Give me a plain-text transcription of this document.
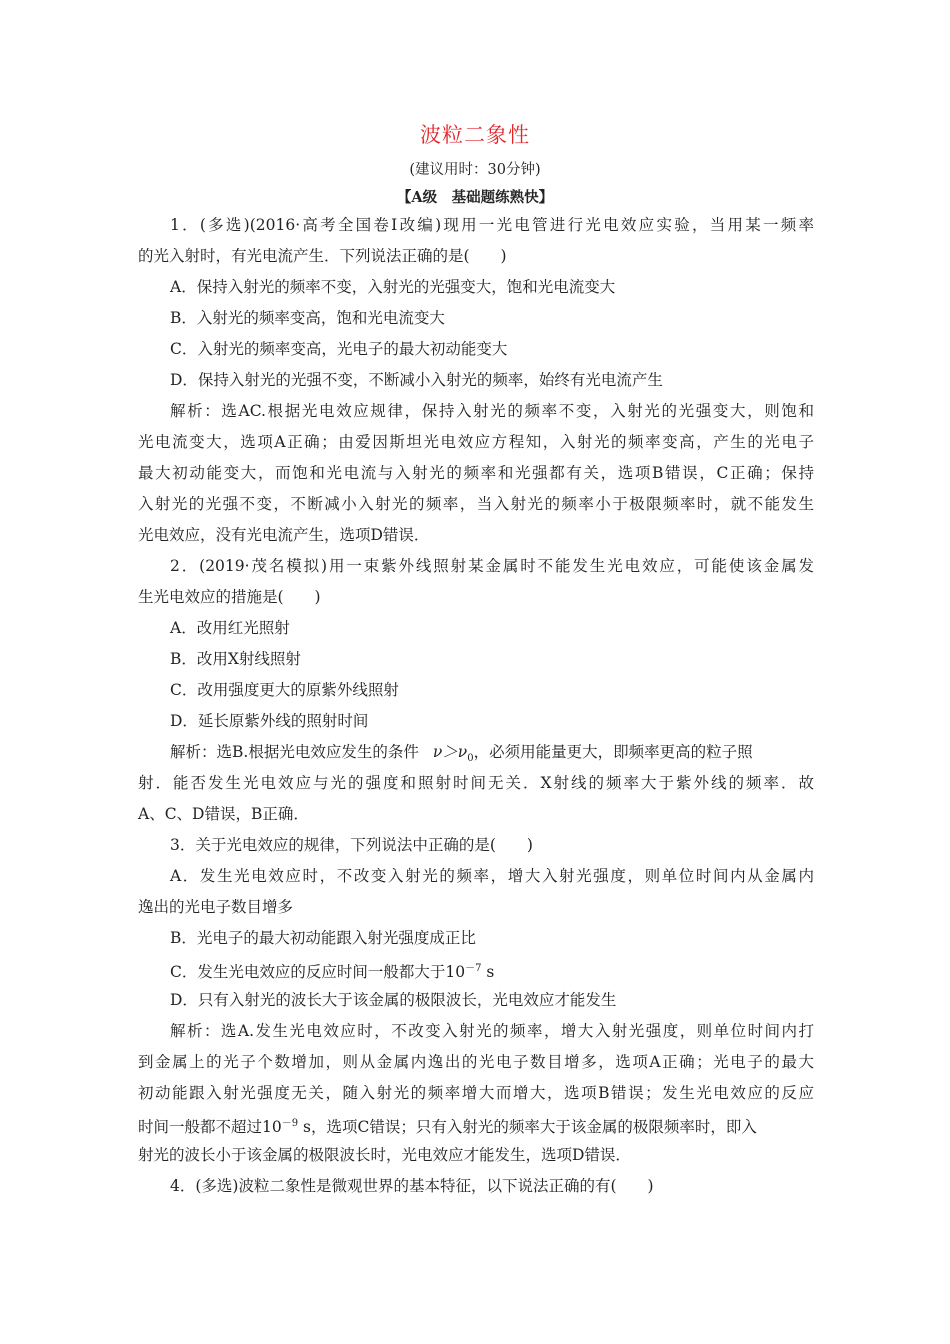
波粒二象性
(建议用时：30分钟)
【A级　基础题练熟快】
1．(多选)(2016·高考全国卷Ⅰ改编)现用一光电管进行光电效应实验，当用某一频率
的光入射时，有光电流产生．下列说法正确的是(　　)
A．保持入射光的频率不变，入射光的光强变大，饱和光电流变大
B．入射光的频率变高，饱和光电流变大
C．入射光的频率变高，光电子的最大初动能变大
D．保持入射光的光强不变，不断减小入射光的频率，始终有光电流产生
解析：选AC.根据光电效应规律，保持入射光的频率不变，入射光的光强变大，则饱和
光电流变大，选项A正确；由爱因斯坦光电效应方程知，入射光的频率变高，产生的光电子
最大初动能变大，而饱和光电流与入射光的频率和光强都有关，选项B错误，C正确；保持
入射光的光强不变，不断减小入射光的频率，当入射光的频率小于极限频率时，就不能发生
光电效应，没有光电流产生，选项D错误．
2．(2019·茂名模拟)用一束紫外线照射某金属时不能发生光电效应，可能使该金属发
生光电效应的措施是(　　)
A．改用红光照射
B．改用X射线照射
C．改用强度更大的原紫外线照射
D．延长原紫外线的照射时间
解析：选B.根据光电效应发生的条件 $\nu>\nu_0$，必须用能量更大，即频率更高的粒子照
射．能否发生光电效应与光的强度和照射时间无关．X射线的频率大于紫外线的频率．故
A、C、D错误，B正确．
3．关于光电效应的规律，下列说法中正确的是(　　)
A．发生光电效应时，不改变入射光的频率，增大入射光强度，则单位时间内从金属内
逸出的光电子数目增多
B．光电子的最大初动能跟入射光强度成正比
C．发生光电效应的反应时间一般都大于$10^{-7}$ s
D．只有入射光的波长大于该金属的极限波长，光电效应才能发生
解析：选A.发生光电效应时，不改变入射光的频率，增大入射光强度，则单位时间内打
到金属上的光子个数增加，则从金属内逸出的光电子数目增多，选项A正确；光电子的最大
初动能跟入射光强度无关，随入射光的频率增大而增大，选项B错误；发生光电效应的反应
时间一般都不超过$10^{-9}$ s，选项C错误；只有入射光的频率大于该金属的极限频率时，即入
射光的波长小于该金属的极限波长时，光电效应才能发生，选项D错误．
4．(多选)波粒二象性是微观世界的基本特征，以下说法正确的有(　　)
